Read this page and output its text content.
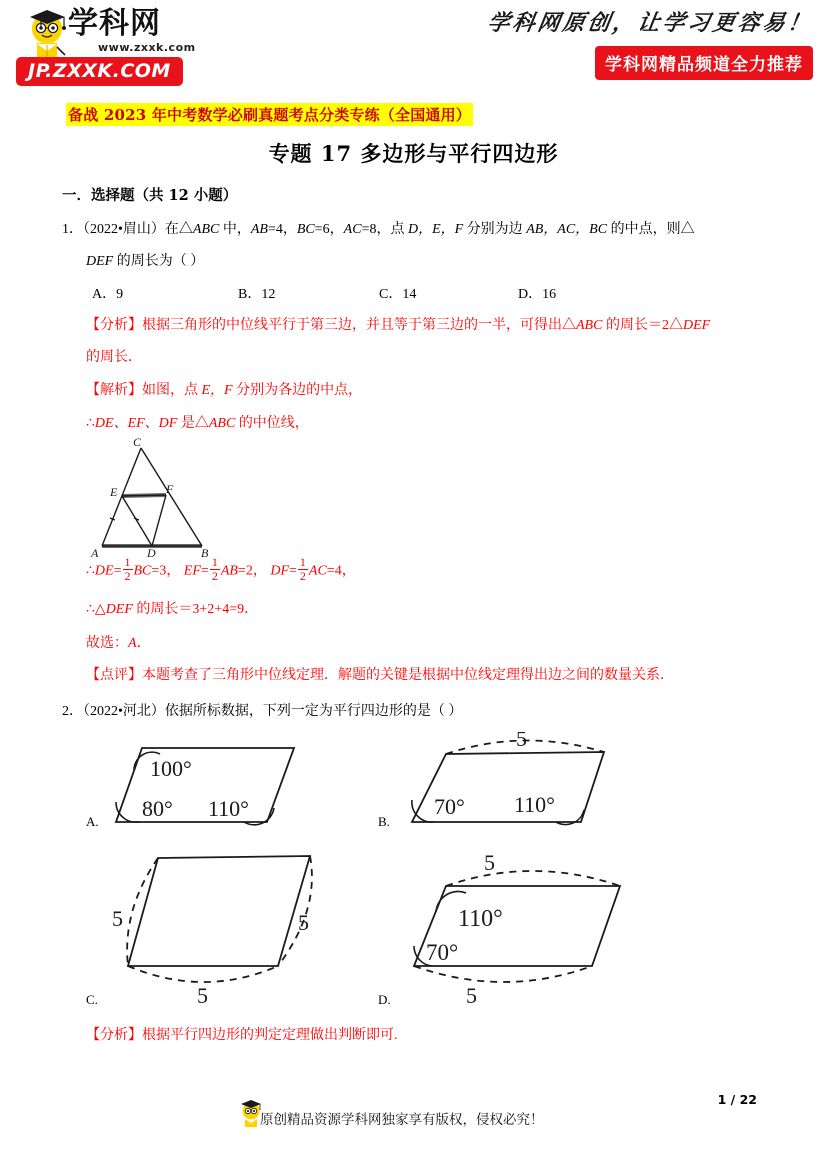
学科网
www.zxxk.com
JP.ZXXK.COM
学科网原创，让学习更容易！
学科网精品频道全力推荐
备战 2023 年中考数学必刷真题考点分类专练（全国通用）
专题 17 多边形与平行四边形
一．选择题（共 12 小题）
1．（2022•眉山）在△ABC 中，AB=4，BC=6，AC=8，点 D，E，F 分别为边 AB，AC，BC 的中点，则△
DEF 的周长为（ ）
A．9	B．12	C．14	D．16
【分析】根据三角形的中位线平行于第三边，并且等于第三边的一半，可得出△ABC 的周长＝2△DEF
的周长．
【解析】如图，点 E，F 分别为各边的中点，
∴DE、EF、DF 是△ABC 的中位线，
C
E	F
A	D	B
∴DE= $\frac{1}{2} BC=3$， $EF= \frac{1}{2} AB=2$， $DF= \frac{1}{2} AC=4$，
∴△DEF 的周长＝3+2+4=9．
故选：A．
【点评】本题考查了三角形中位线定理．解题的关键是根据中位线定理得出边之间的数量关系．
2．（2022•河北）依据所标数据，下列一定为平行四边形的是（ ）
A.
100°
80° 110°
B.
5
70° 110°
C.
5	5
5	D.
5
110°
70°
5
【分析】根据平行四边形的判定定理做出判断即可.
原创精品资源学科网独家享有版权，侵权必究！
1 / 22
